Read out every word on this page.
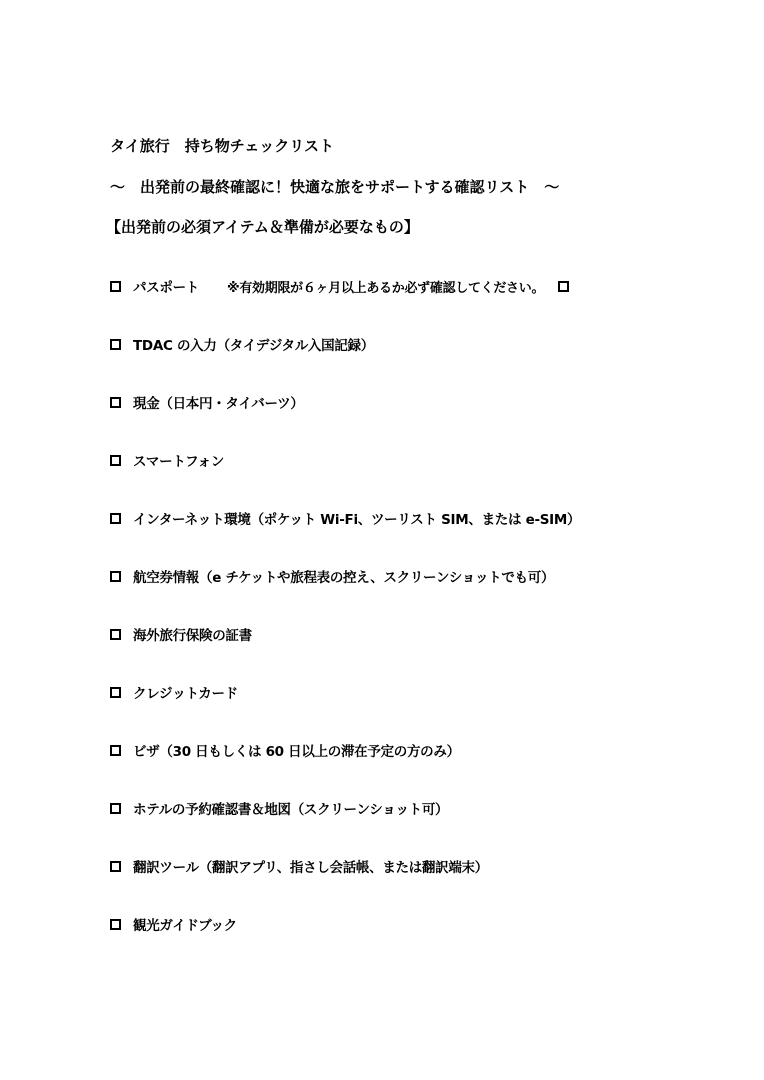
タイ旅行　持ち物チェックリスト
～　出発前の最終確認に！快適な旅をサポートする確認リスト　～
【出発前の必須アイテム＆準備が必要なもの】
パスポート ※有効期限が６ヶ月以上あるか必ず確認してください。
TDAC の入力（タイデジタル入国記録）
現金（日本円・タイバーツ）
スマートフォン
インターネット環境（ポケット Wi-Fi、ツーリスト SIM、または e-SIM）
航空券情報（e チケットや旅程表の控え、スクリーンショットでも可）
海外旅行保険の証書
クレジットカード
ビザ（30 日もしくは 60 日以上の滞在予定の方のみ）
ホテルの予約確認書＆地図（スクリーンショット可）
翻訳ツール（翻訳アプリ、指さし会話帳、または翻訳端末）
観光ガイドブック
